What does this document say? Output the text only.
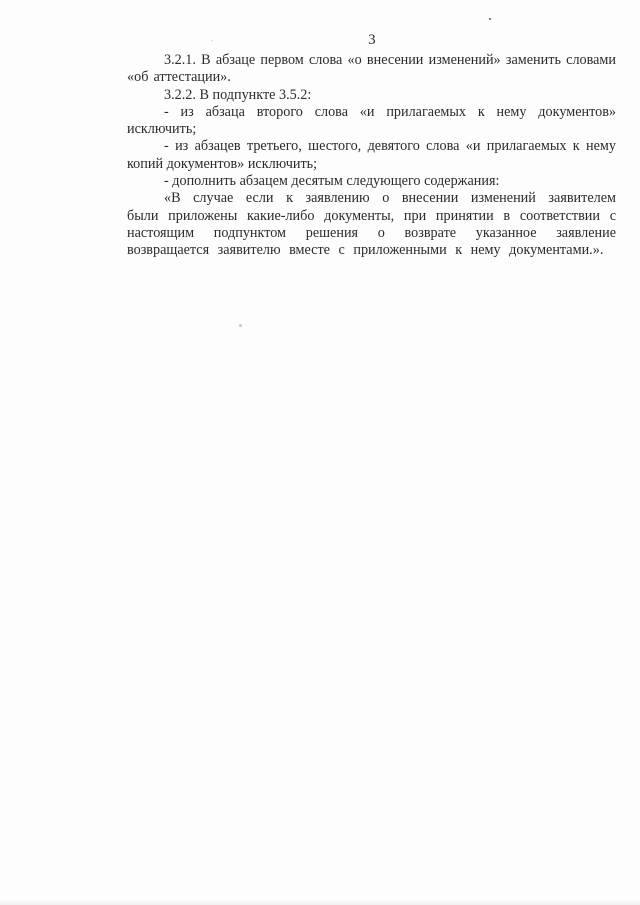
3

3.2.1. В абзаце первом слова «о внесении изменений» заменить словами «об аттестации».

3.2.2. В подпункте 3.5.2:

- из абзаца второго слова «и прилагаемых к нему документов» исключить;

- из абзацев третьего, шестого, девятого слова «и прилагаемых к нему копий документов» исключить;

- дополнить абзацем десятым следующего содержания:

«В случае если к заявлению о внесении изменений заявителем были приложены какие-либо документы, при принятии в соответствии с настоящим подпунктом решения о возврате указанное заявление возвращается заявителю вместе с приложенными к нему документами.».
